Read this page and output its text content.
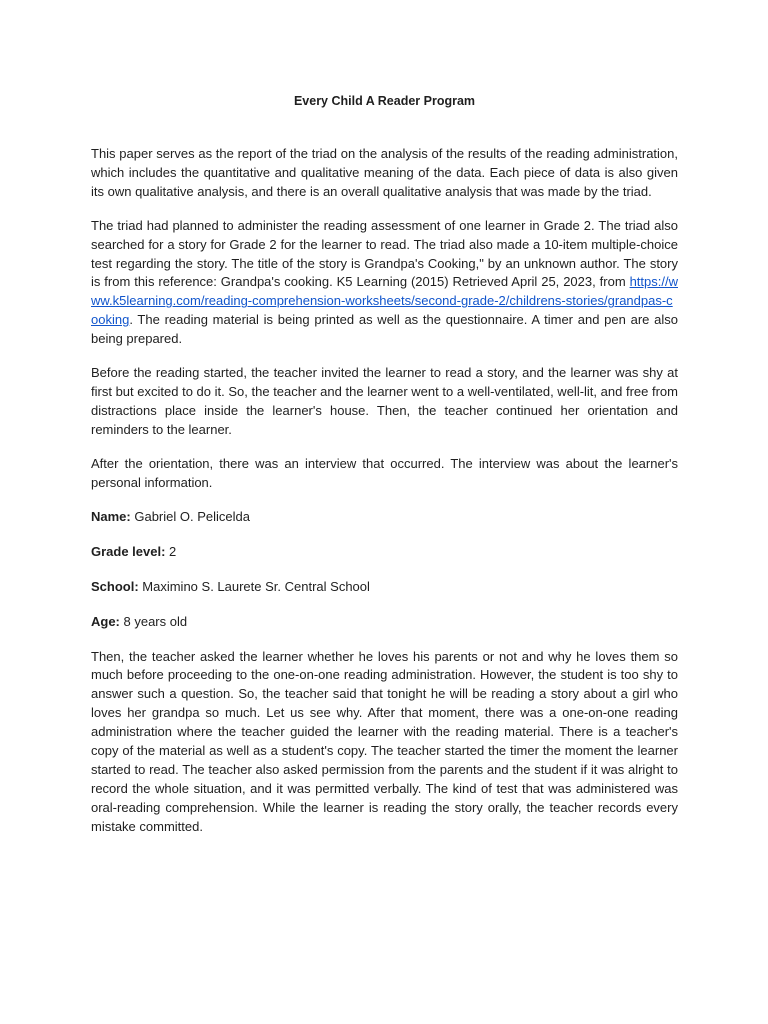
Every Child A Reader Program

This paper serves as the report of the triad on the analysis of the results of the reading administration, which includes the quantitative and qualitative meaning of the data. Each piece of data is also given its own qualitative analysis, and there is an overall qualitative analysis that was made by the triad.

The triad had planned to administer the reading assessment of one learner in Grade 2. The triad also searched for a story for Grade 2 for the learner to read. The triad also made a 10-item multiple-choice test regarding the story. The title of the story is Grandpa's Cooking," by an unknown author. The story is from this reference: Grandpa's cooking. K5 Learning (2015) Retrieved April 25, 2023, from https://www.k5learning.com/reading-comprehension-worksheets/second-grade-2/childrens-stories/grandpas-cooking. The reading material is being printed as well as the questionnaire. A timer and pen are also being prepared.

Before the reading started, the teacher invited the learner to read a story, and the learner was shy at first but excited to do it. So, the teacher and the learner went to a well-ventilated, well-lit, and free from distractions place inside the learner's house. Then, the teacher continued her orientation and reminders to the learner.

After the orientation, there was an interview that occurred. The interview was about the learner's personal information.

Name: Gabriel O. Pelicelda
Grade level: 2
School: Maximino S. Laurete Sr. Central School
Age: 8 years old

Then, the teacher asked the learner whether he loves his parents or not and why he loves them so much before proceeding to the one-on-one reading administration. However, the student is too shy to answer such a question. So, the teacher said that tonight he will be reading a story about a girl who loves her grandpa so much. Let us see why. After that moment, there was a one-on-one reading administration where the teacher guided the learner with the reading material. There is a teacher's copy of the material as well as a student's copy. The teacher started the timer the moment the learner started to read. The teacher also asked permission from the parents and the student if it was alright to record the whole situation, and it was permitted verbally. The kind of test that was administered was oral-reading comprehension. While the learner is reading the story orally, the teacher records every mistake committed.
